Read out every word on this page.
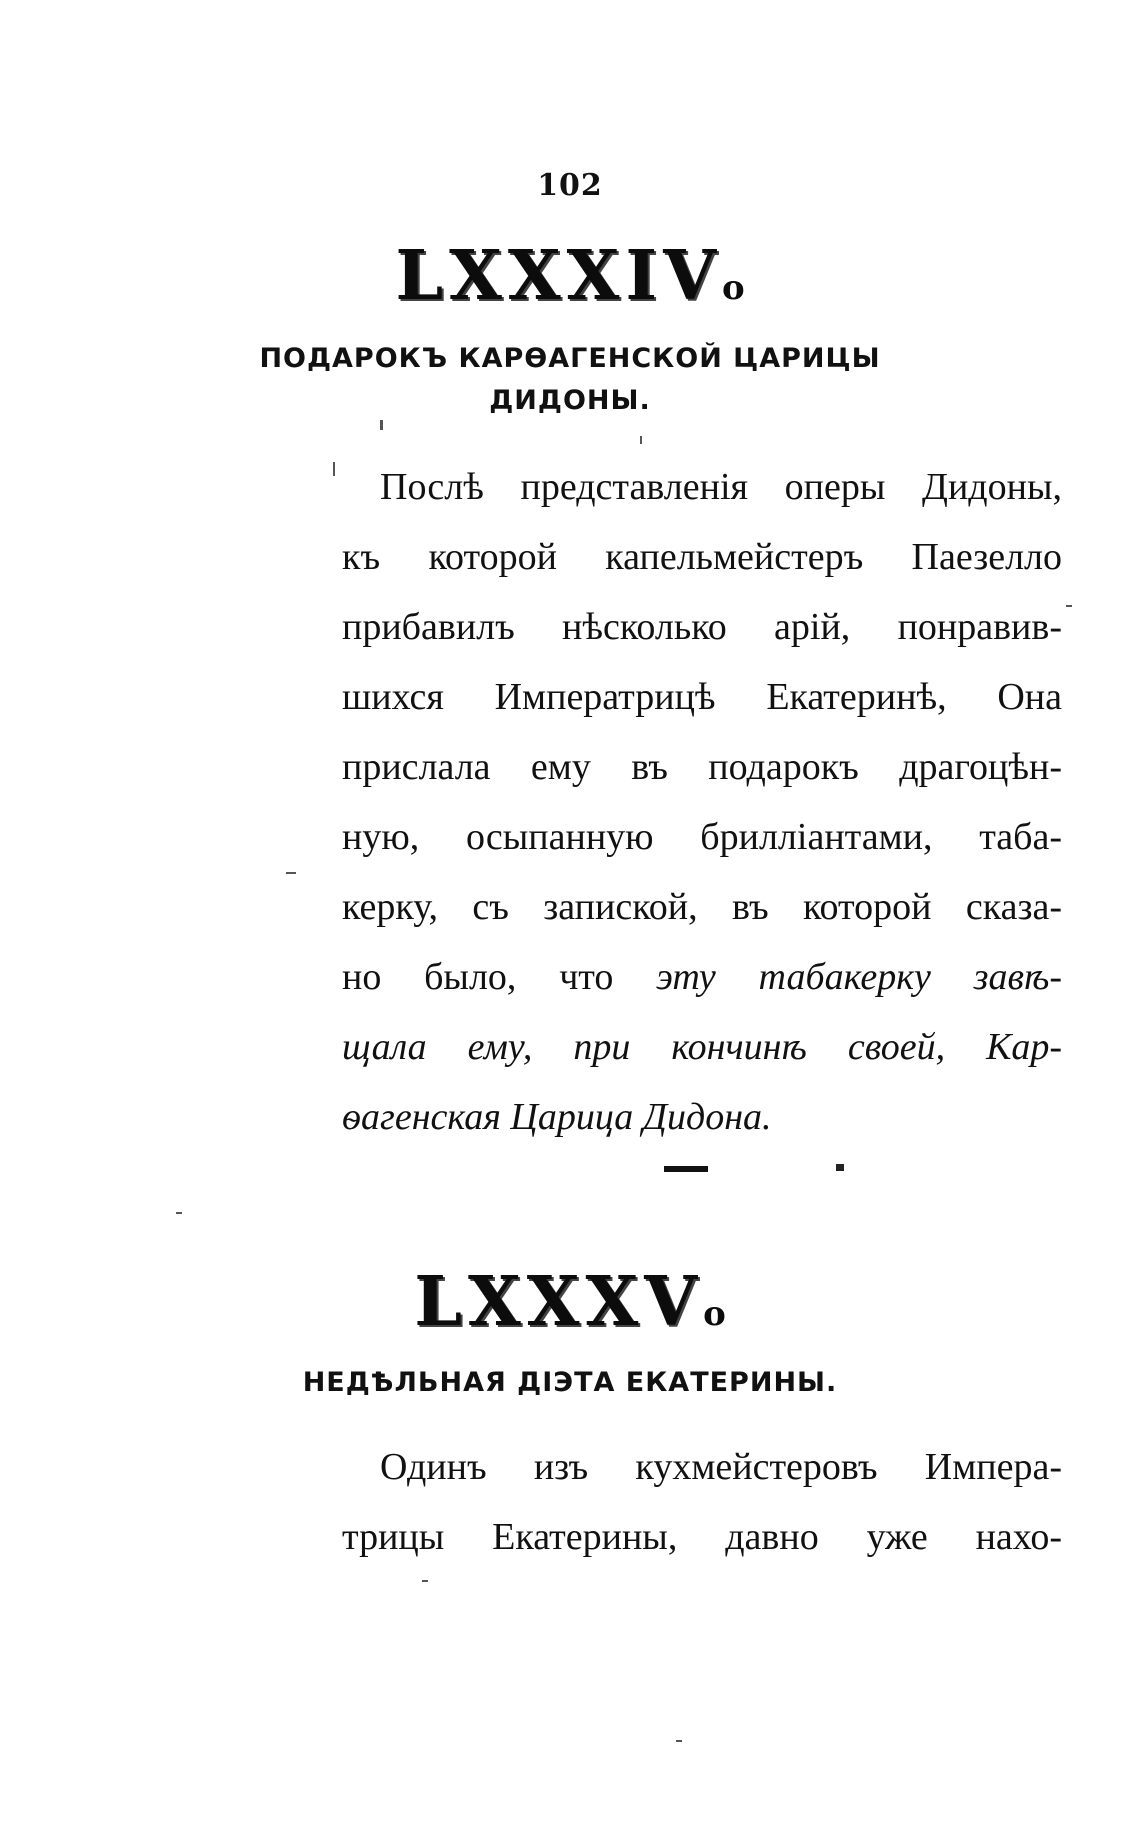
102
LXXXIVo
ПОДАРОКЪ КАРѲАГЕНСКОЙ ЦАРИЦЫ
ДИДОНЫ.
Послѣ представленія оперы Дидоны,
къ которой капельмейстеръ Паезелло
прибавилъ нѣсколько арій, понравив-
шихся Императрицѣ Екатеринѣ, Она
прислала ему въ подарокъ драгоцѣн-
ную, осыпанную бриллiантами, таба-
керку, съ запиской, въ которой сказа-
но было, что эту табакерку завѣ-
щала ему, при кончинѣ своей, Кар-
ѳагенская Царица Дидона.
LXXXVo
НЕДѢЛЬНАЯ ДІЭТА ЕКАТЕРИНЫ.
Одинъ изъ кухмейстеровъ Импера-
трицы Екатерины, давно уже нахо-
